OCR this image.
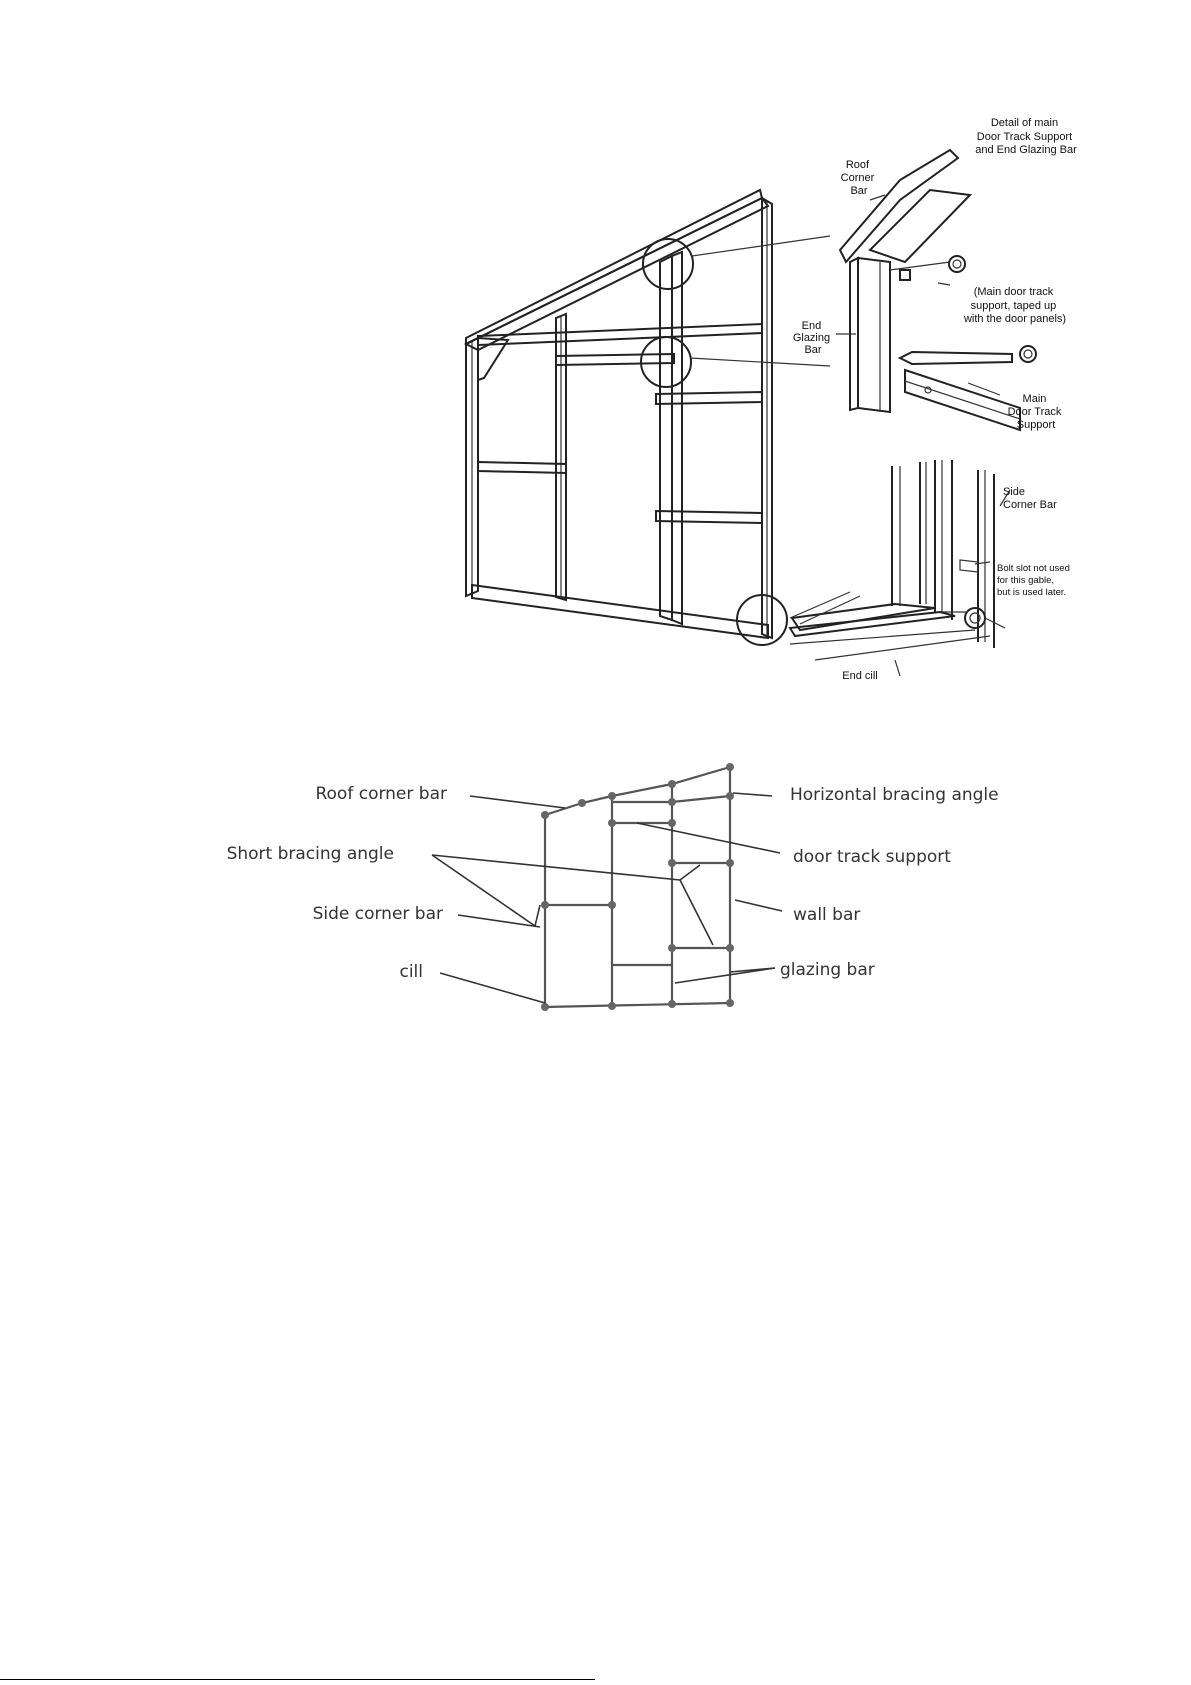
Detail of main Door Track Support and End Glazing Bar
Roof Corner Bar
End Glazing Bar
(Main door track support, taped up with the door panels)
Main Door Track Support
Side Corner Bar
Bolt slot not used for this gable, but is used later.
End cill
Roof corner bar
Short bracing angle
Side corner bar
cill
Horizontal bracing angle
door track support
wall bar
glazing bar
